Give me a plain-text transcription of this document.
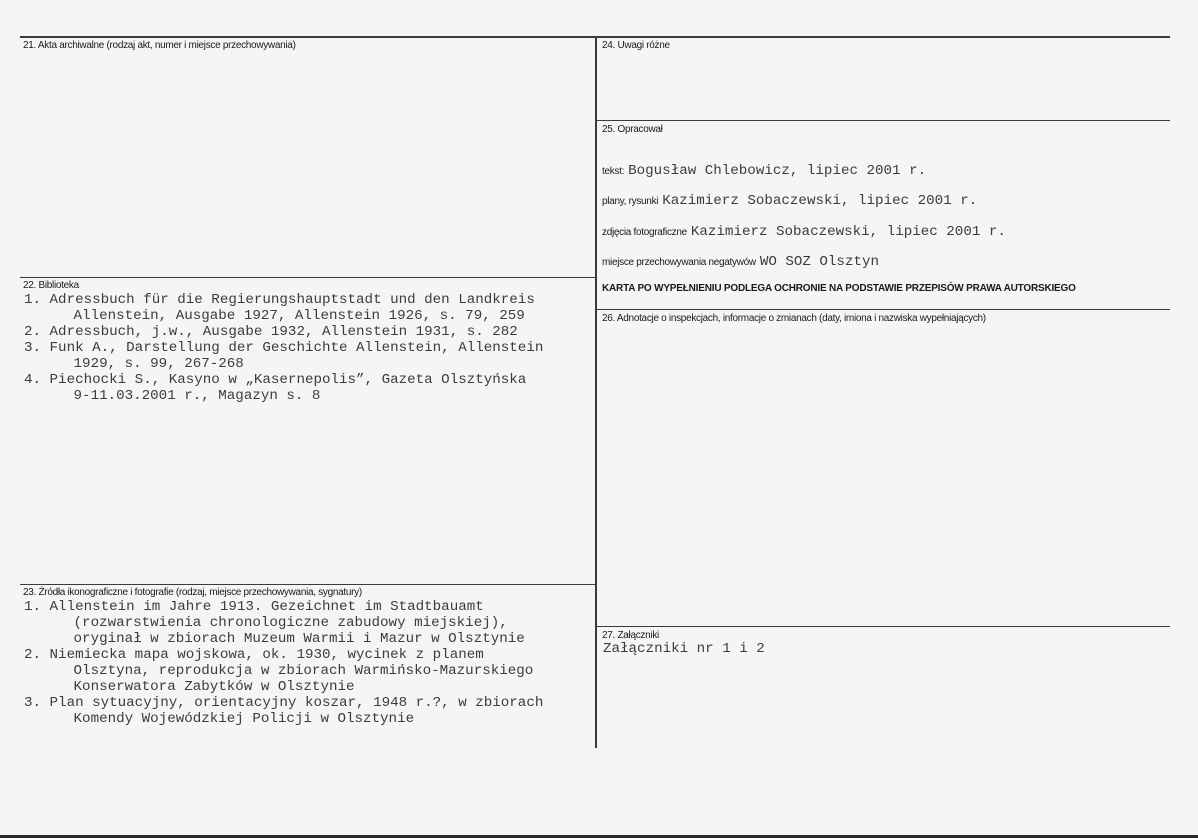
21. Akta archiwalne (rodzaj akt, numer i miejsce przechowywania)
22. Biblioteka
1. Adressbuch für die Regierungshauptstadt und den Landkreis
Allenstein, Ausgabe 1927, Allenstein 1926, s. 79, 259
2. Adressbuch, j.w., Ausgabe 1932, Allenstein 1931, s. 282
3. Funk A., Darstellung der Geschichte Allenstein, Allenstein
1929, s. 99, 267-268
4. Piechocki S., Kasyno w „Kasernepolis”, Gazeta Olsztyńska
9-11.03.2001 r., Magazyn s. 8
23. Źródła ikonograficzne i fotografie (rodzaj, miejsce przechowywania, sygnatury)
1. Allenstein im Jahre 1913. Gezeichnet im Stadtbauamt
(rozwarstwienia chronologiczne zabudowy miejskiej),
oryginał w zbiorach Muzeum Warmii i Mazur w Olsztynie
2. Niemiecka mapa wojskowa, ok. 1930, wycinek z planem
Olsztyna, reprodukcja w zbiorach Warmińsko-Mazurskiego
Konserwatora Zabytków w Olsztynie
3. Plan sytuacyjny, orientacyjny koszar, 1948 r.?, w zbiorach
Komendy Wojewódzkiej Policji w Olsztynie
24. Uwagi różne
25. Opracował
tekst: Bogusław Chlebowicz, lipiec 2001 r.
plany, rysunki Kazimierz Sobaczewski, lipiec 2001 r.
zdjęcia fotograficzne Kazimierz Sobaczewski, lipiec 2001 r.
miejsce przechowywania negatywów WO SOZ Olsztyn
KARTA PO WYPEŁNIENIU PODLEGA OCHRONIE NA PODSTAWIE PRZEPISÓW PRAWA AUTORSKIEGO
26. Adnotacje o inspekcjach, informacje o zmianach (daty, imiona i nazwiska wypełniających)
27. Załączniki
Załączniki nr 1 i 2
